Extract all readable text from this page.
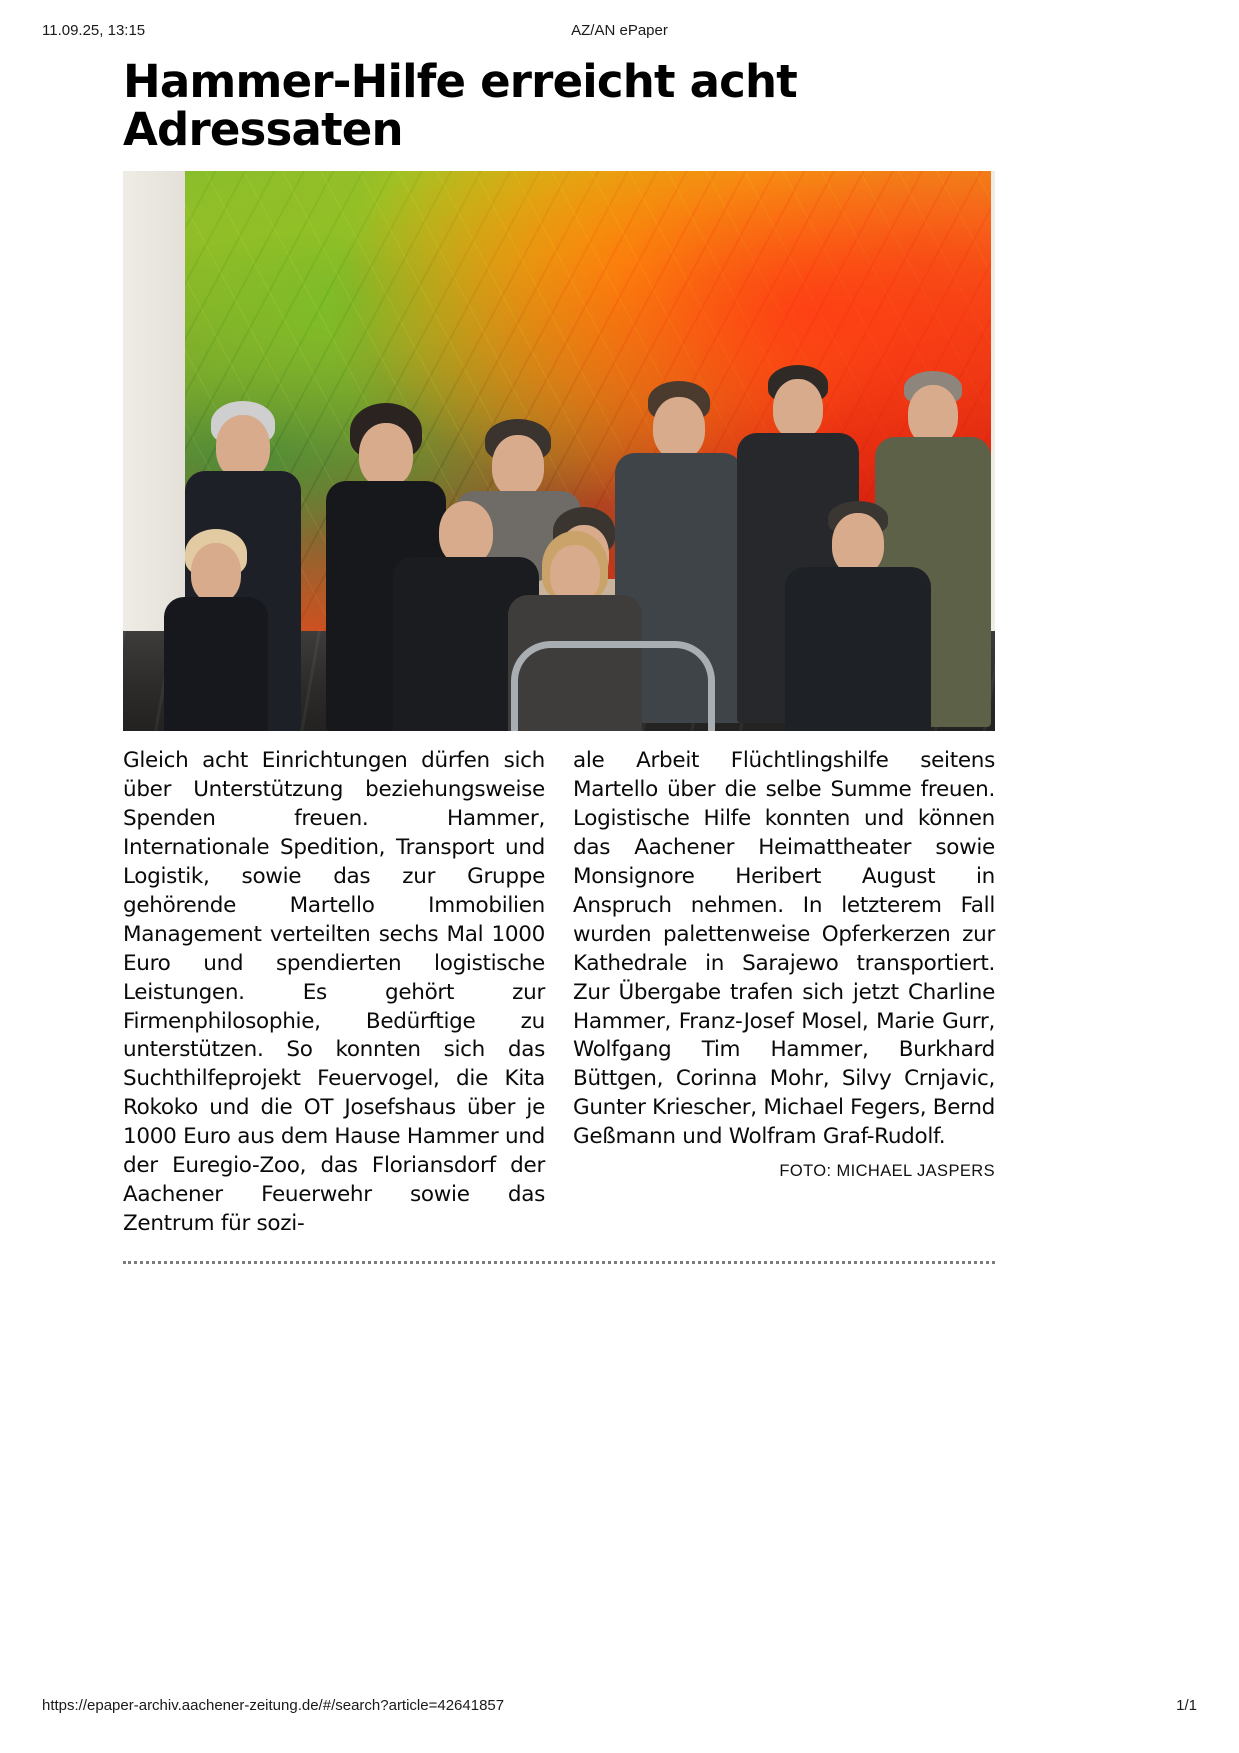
11.09.25, 13:15	AZ/AN ePaper
Hammer-Hilfe erreicht acht Adressaten

Gleich acht Einrichtungen dürfen sich über Unterstützung beziehungsweise Spenden freuen. Hammer, Internationale Spedition, Transport und Logistik, sowie das zur Gruppe gehörende Martello Immobilien Management verteilten sechs Mal 1000 Euro und spendierten logistische Leistungen. Es gehört zur Firmenphilosophie, Bedürftige zu unterstützen. So konnten sich das Suchthilfeprojekt Feuervogel, die Kita Rokoko und die OT Josefshaus über je 1000 Euro aus dem Hause Hammer und der Euregio-Zoo, das Floriansdorf der Aachener Feuerwehr sowie das Zentrum für sozi-

ale Arbeit Flüchtlingshilfe seitens Martello über die selbe Summe freuen. Logistische Hilfe konnten und können das Aachener Heimattheater sowie Monsignore Heribert August in Anspruch nehmen. In letzterem Fall wurden palettenweise Opferkerzen zur Kathedrale in Sarajewo transportiert. Zur Übergabe trafen sich jetzt Charline Hammer, Franz-Josef Mosel, Marie Gurr, Wolfgang Tim Hammer, Burkhard Büttgen, Corinna Mohr, Silvy Crnjavic, Gunter Kriescher, Michael Fegers, Bernd Geßmann und Wolfram Graf-Rudolf.

FOTO: MICHAEL JASPERS
https://epaper-archiv.aachener-zeitung.de/#/search?article=42641857	1/1
